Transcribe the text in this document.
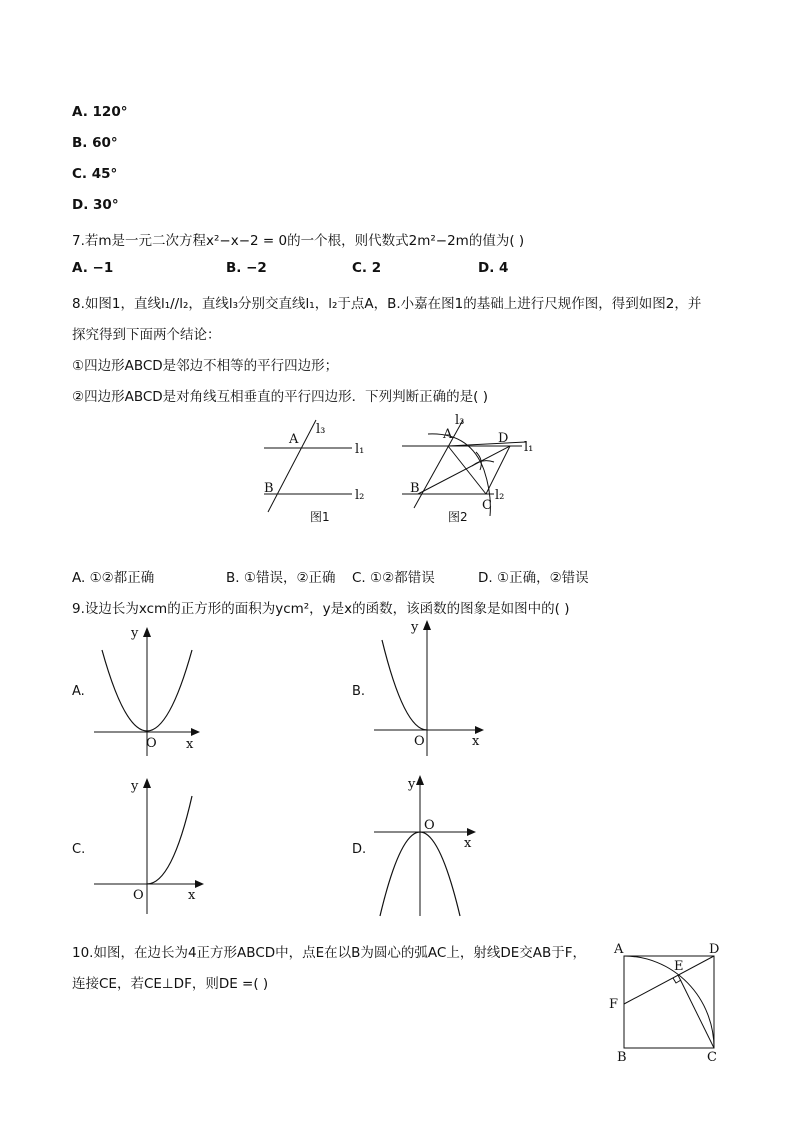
A. 120°
B. 60°
C. 45°
D. 30°
7.若m是一元二次方程x²−x−2 = 0的一个根，则代数式2m²−2m的值为( )
A. −1	B. −2	C. 2	D. 4
8.如图1，直线l₁//l₂，直线l₃分别交直线l₁，l₂于点A，B.小嘉在图1的基础上进行尺规作图，得到如图2，并
探究得到下面两个结论：
①四边形ABCD是邻边不相等的平行四边形；
②四边形ABCD是对角线互相垂直的平行四边形．下列判断正确的是( )
l₃
l₁
l₂
A
B
图1
l₃
A	D
l₁
B	l₂
C
图2
A. ①②都正确	B. ①错误，②正确 C. ①②都错误	D. ①正确，②错误
9.设边长为xcm的正方形的面积为ycm²，y是x的函数，该函数的图象是如图中的( )
A.
y
x
O
B.
y
x
O
C.
y
x
O
D.
y
x
O
10.如图，在边长为4正方形ABCD中，点E在以B为圆心的弧AC上，射线DE交AB于F，
连接CE，若CE⊥DF，则DE =( )
A	D
E
F
B	C
